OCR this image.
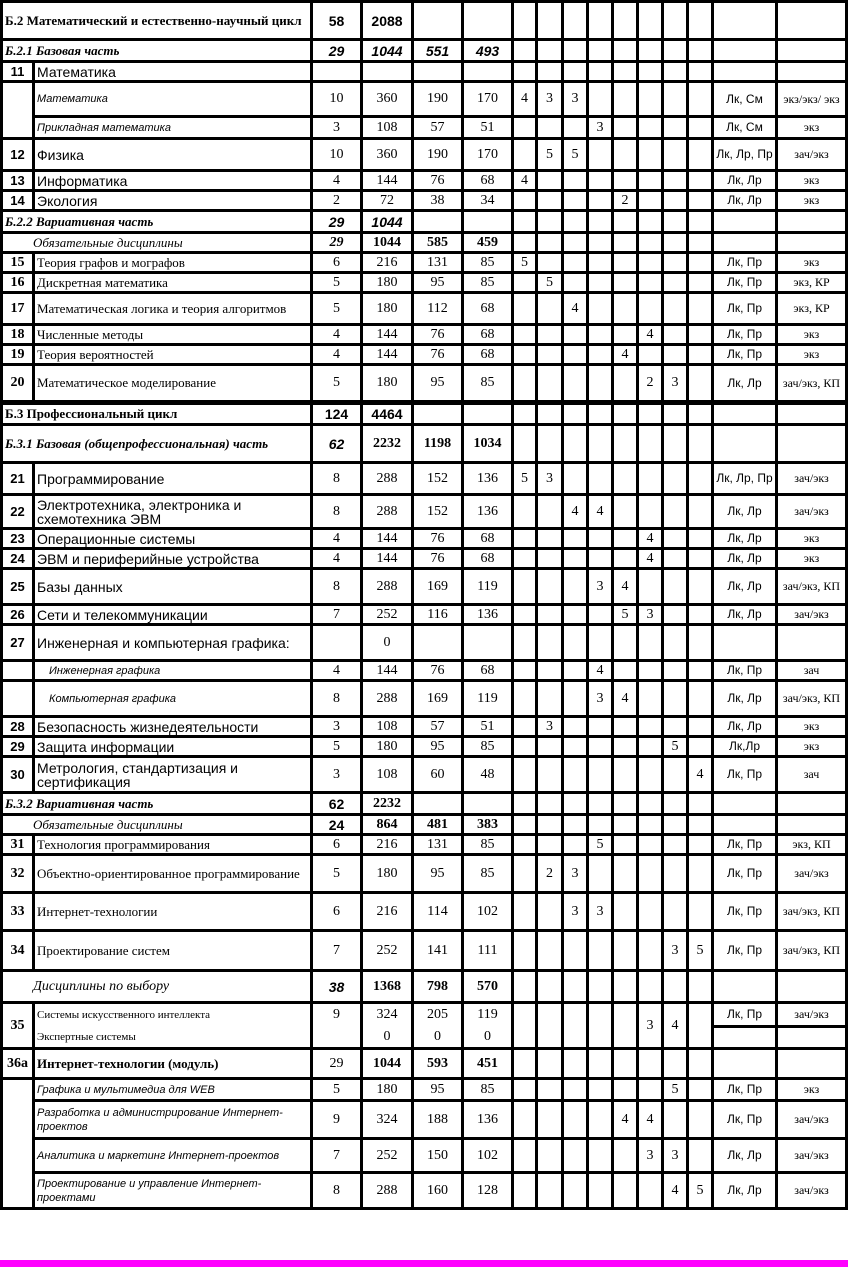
Б.2 Математический и естественно-научный цикл		58	2088												
Б.2.1 Базовая часть		29	1044	551	493										
11	Математика														
	Математика	10	360	190	170	4	3	3						Лк, См	экз/экз/ экз
	Прикладная математика	3	108	57	51				3					Лк, См	экз
12	Физика	10	360	190	170		5	5						Лк, Лр, Пр	зач/экз
13	Информатика	4	144	76	68	4								Лк, Лр	экз
14	Экология	2	72	38	34					2				Лк, Лр	экз
Б.2.2 Вариативная часть		29	1044												
Обязательные дисциплины		29	1044	585	459										
15	Теория графов и мографов	6	216	131	85	5								Лк, Пр	экз
16	Дискретная математика	5	180	95	85		5							Лк, Пр	экз, КР
17	Математическая логика и теория алгоритмов	5	180	112	68			4						Лк, Пр	экз, КР
18	Численные методы	4	144	76	68						4			Лк, Пр	экз
19	Теория вероятностей	4	144	76	68					4				Лк, Пр	экз
20	Математическое моделирование	5	180	95	85						2	3		Лк, Лр	зач/экз, КП
Б.3 Профессиональный цикл		124	4464												
Б.3.1 Базовая (общепрофессиональная) часть		62	2232	1198	1034										
21	Программирование	8	288	152	136	5	3							Лк, Лр, Пр	зач/экз
22	Электротехника, электроника и схемотехника ЭВМ	8	288	152	136			4	4					Лк, Лр	зач/экз
23	Операционные системы	4	144	76	68						4			Лк, Лр	экз
24	ЭВМ и периферийные устройства	4	144	76	68						4			Лк, Лр	экз
25	Базы данных	8	288	169	119				3	4				Лк, Лр	зач/экз, КП
26	Сети и телекоммуникации	7	252	116	136					5	3			Лк, Лр	зач/экз
27	Инженерная и компьютерная графика:		0												
	Инженерная графика	4	144	76	68				4					Лк, Пр	зач
	Компьютерная графика	8	288	169	119				3	4				Лк, Лр	зач/экз, КП
28	Безопасность жизнедеятельности	3	108	57	51		3							Лк, Лр	экз
29	Защита информации	5	180	95	85							5		Лк,Лр	экз
30	Метрология, стандартизация и сертификация	3	108	60	48								4	Лк, Пр	зач
Б.3.2 Вариативная часть		62	2232												
Обязательные дисциплины		24	864	481	383										
31	Технология программирования	6	216	131	85				5					Лк, Пр	экз, КП
32	Объектно-ориентированное программирование	5	180	95	85		2	3						Лк, Пр	зач/экз
33	Интернет-технологии	6	216	114	102			3	3					Лк, Пр	зач/экз, КП
34	Проектирование систем	7	252	141	111							3	5	Лк, Пр	зач/экз, КП
Дисциплины по выбору		38	1368	798	570										
35	Системы искусственного интеллекта	9	324	205	119						3	4		Лк, Пр	зач/экз
	Экспертные системы		0	0	0										
36а	Интернет-технологии (модуль)	29	1044	593	451										
	Графика и мультимедиа для WEB	5	180	95	85							5		Лк, Пр	экз
	Разработка и администрирование Интернет-проектов	9	324	188	136					4	4			Лк, Пр	зач/экз
	Аналитика и маркетинг Интернет-проектов	7	252	150	102						3	3		Лк, Лр	зач/экз
	Проектирование и управление Интернет-проектами	8	288	160	128							4	5	Лк, Лр	зач/экз
